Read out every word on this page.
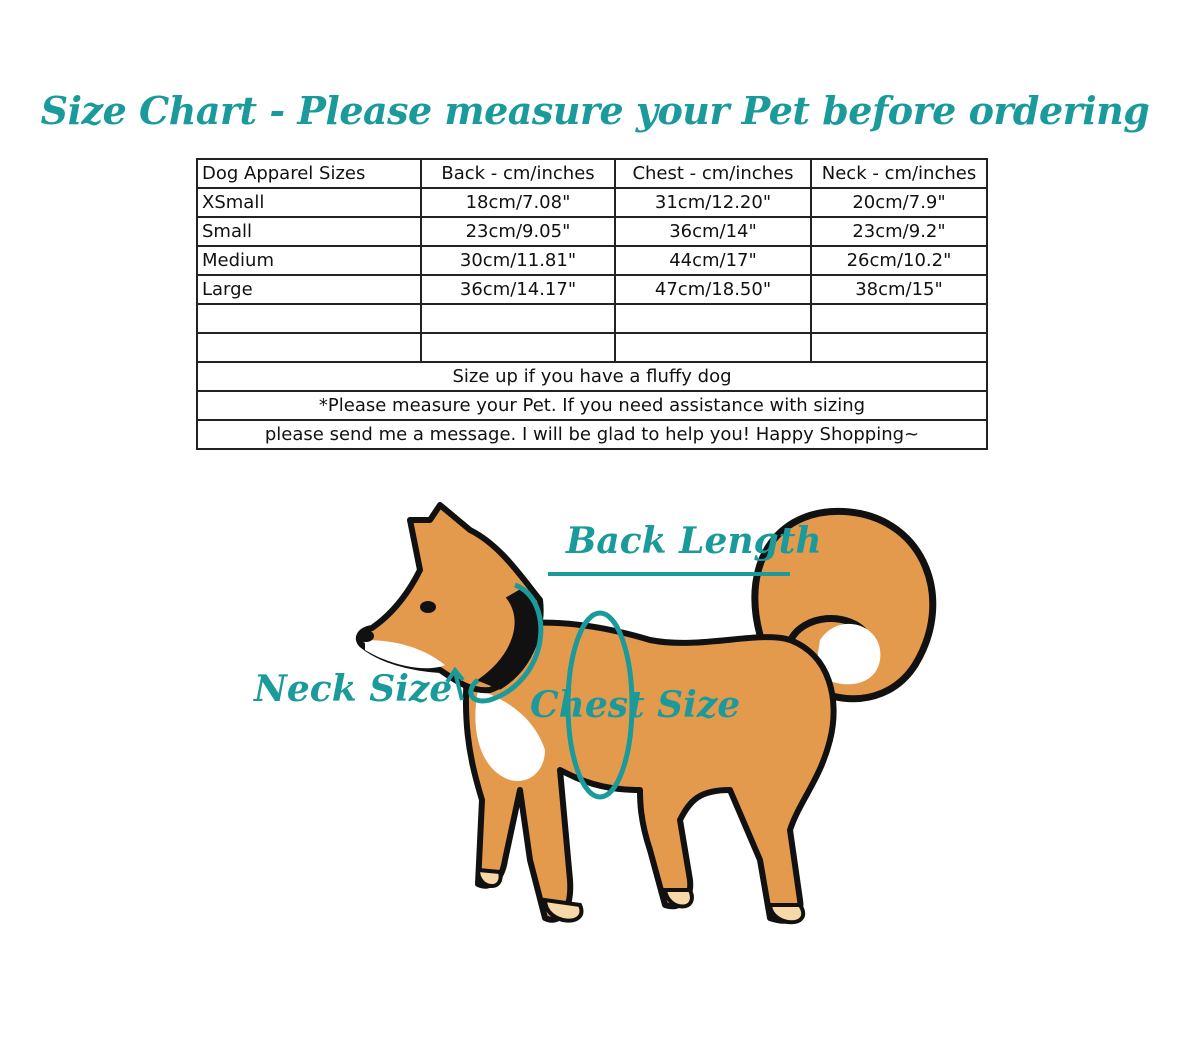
Size Chart - Please measure your Pet before ordering
Dog Apparel Sizes	Back - cm/inches	Chest - cm/inches	Neck - cm/inches
XSmall	18cm/7.08"	31cm/12.20"	20cm/7.9"
Small	23cm/9.05"	36cm/14"	23cm/9.2"
Medium	30cm/11.81"	44cm/17"	26cm/10.2"
Large	36cm/14.17"	47cm/18.50"	38cm/15"

Size up if you have a fluffy dog			
*Please measure your Pet. If you need assistance with sizing			
please send me a message. I will be glad to help you! Happy Shopping~			
Back Length
Neck Size Chest Size
